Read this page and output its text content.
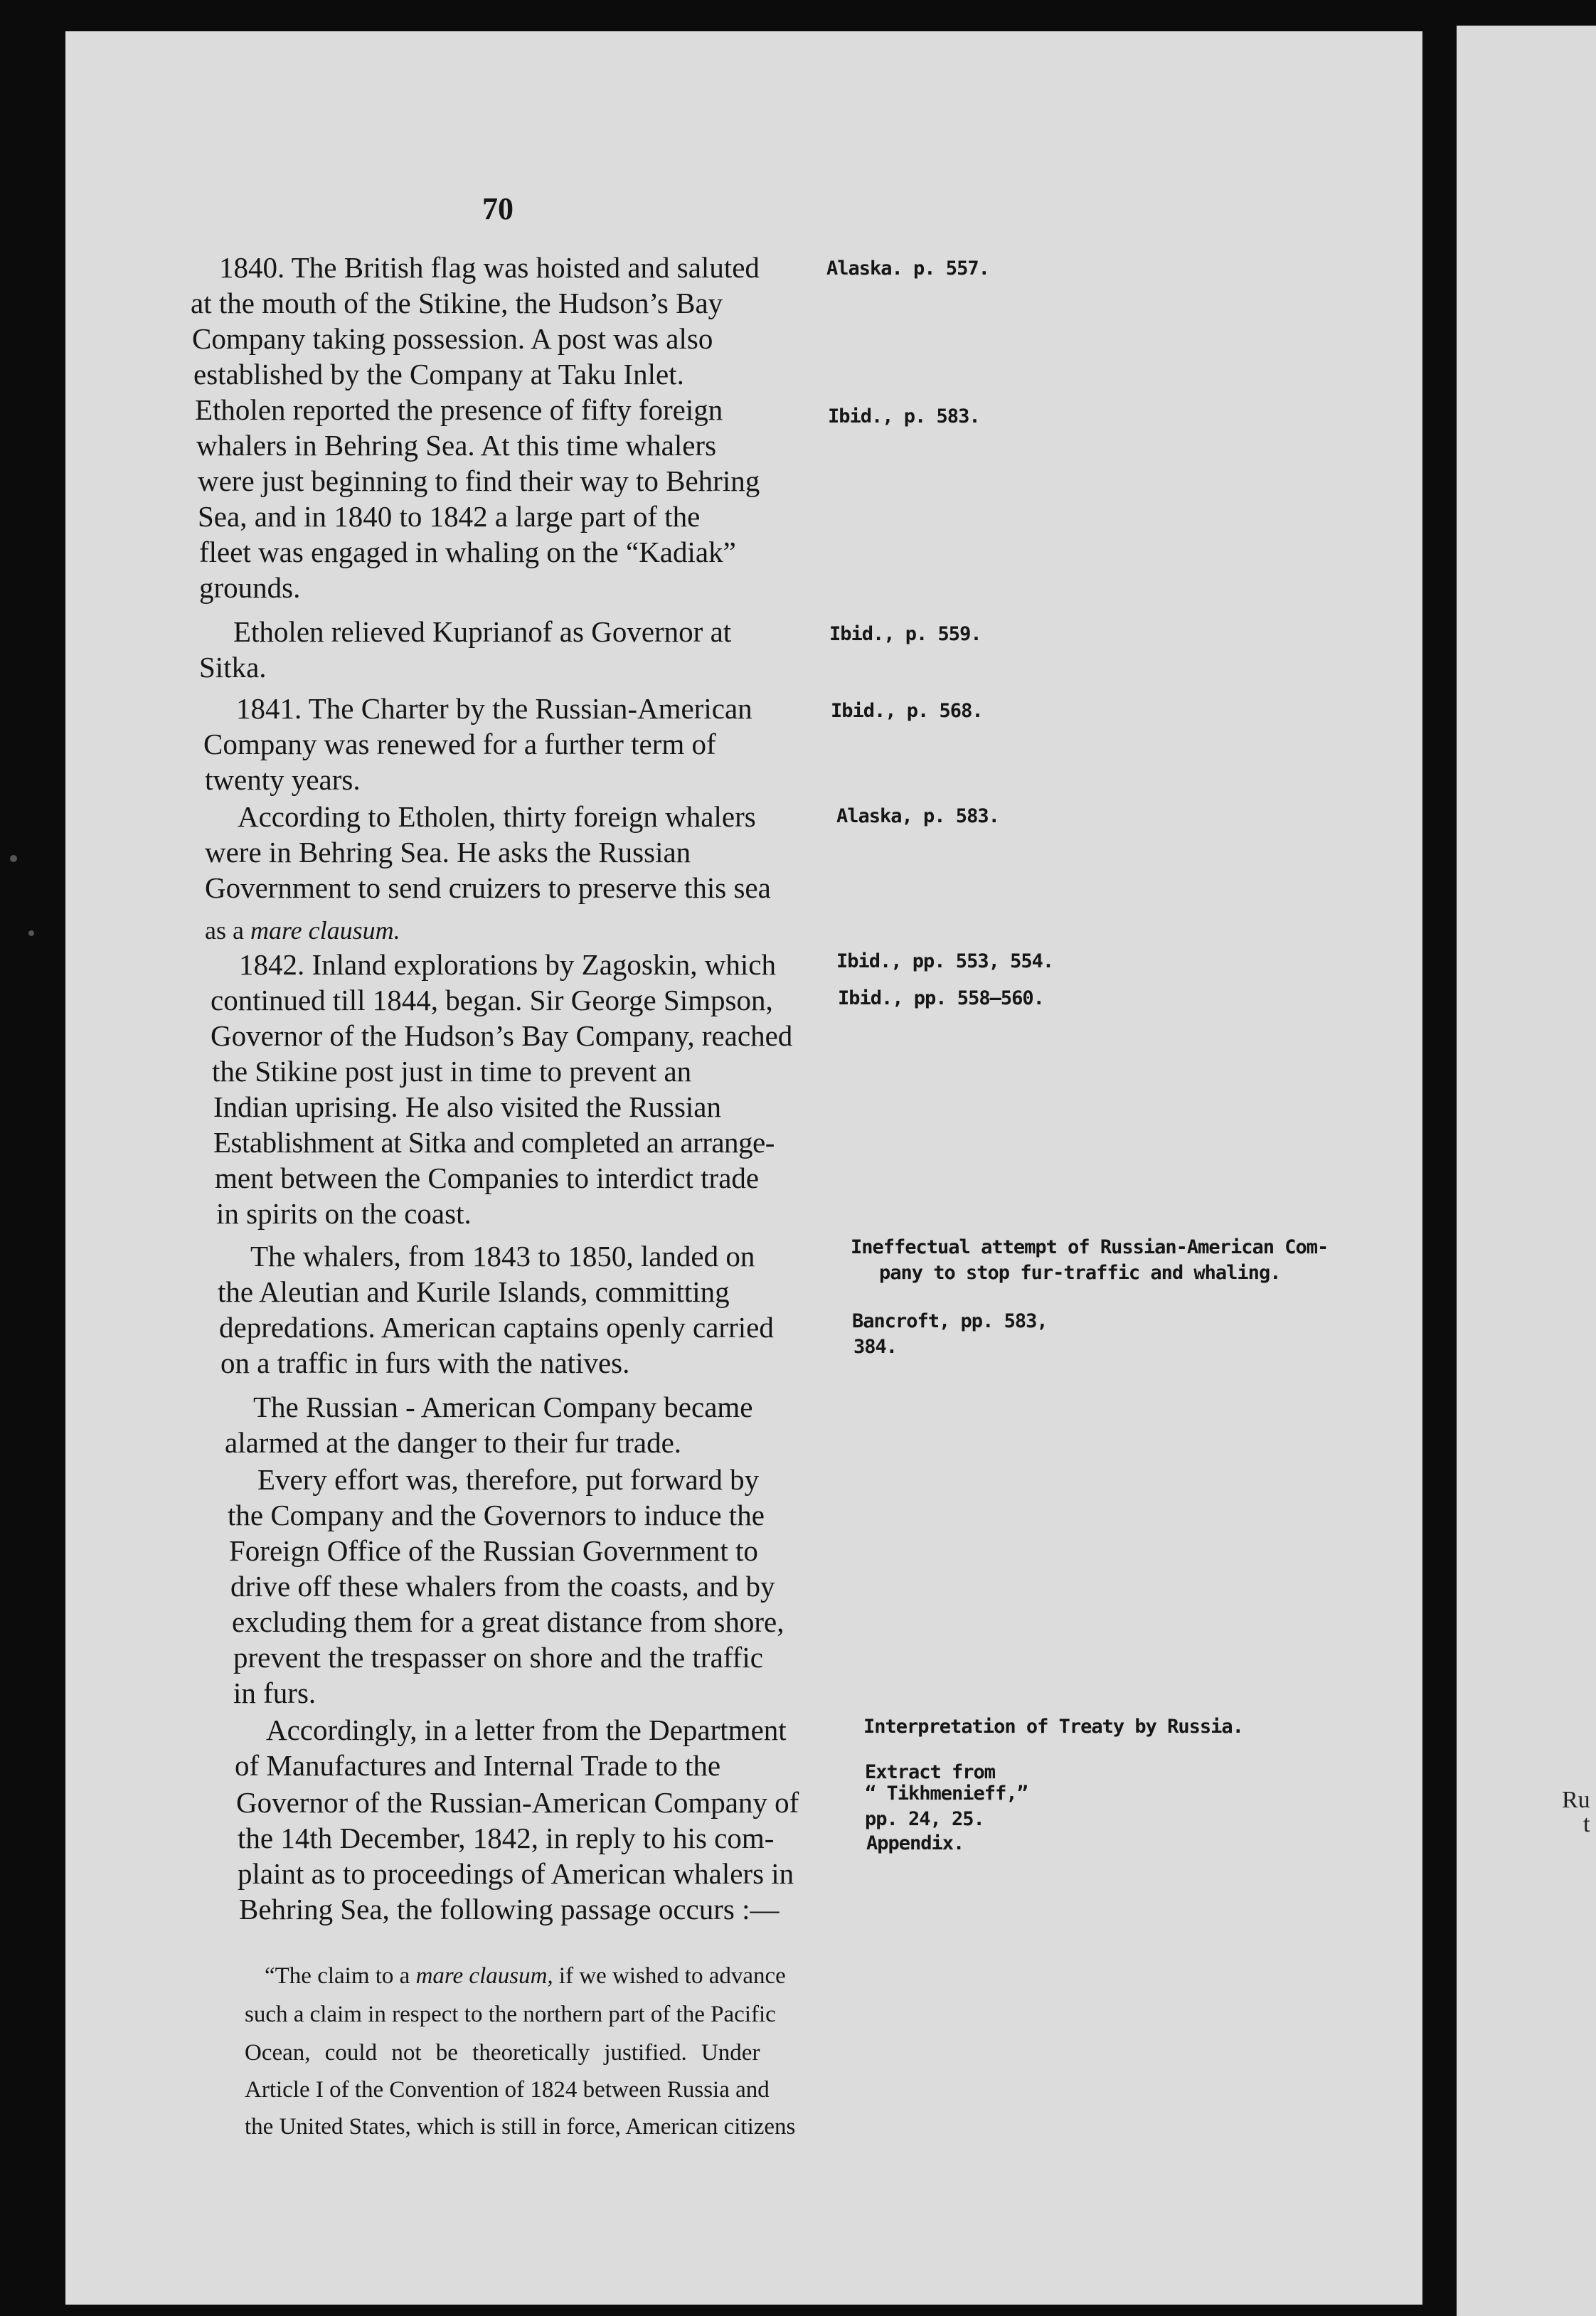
Ru
t
70
1840. The British flag was hoisted and saluted
at the mouth of the Stikine, the Hudson’s Bay
Company taking possession. A post was also
established by the Company at Taku Inlet.
Etholen reported the presence of fifty foreign
whalers in Behring Sea. At this time whalers
were just beginning to find their way to Behring
Sea, and in 1840 to 1842 a large part of the
fleet was engaged in whaling on the “Kadiak”
grounds.
Etholen relieved Kuprianof as Governor at
Sitka.
1841. The Charter by the Russian-American
Company was renewed for a further term of
twenty years.
According to Etholen, thirty foreign whalers
were in Behring Sea. He asks the Russian
Government to send cruizers to preserve this sea
as a mare clausum.
1842. Inland explorations by Zagoskin, which
continued till 1844, began. Sir George Simpson,
Governor of the Hudson’s Bay Company, reached
the Stikine post just in time to prevent an
Indian uprising. He also visited the Russian
Establishment at Sitka and completed an arrange-
ment between the Companies to interdict trade
in spirits on the coast.
The whalers, from 1843 to 1850, landed on
the Aleutian and Kurile Islands, committing
depredations. American captains openly carried
on a traffic in furs with the natives.
The Russian - American Company became
alarmed at the danger to their fur trade.
Every effort was, therefore, put forward by
the Company and the Governors to induce the
Foreign Office of the Russian Government to
drive off these whalers from the coasts, and by
excluding them for a great distance from shore,
prevent the trespasser on shore and the traffic
in furs.
Accordingly, in a letter from the Department
of Manufactures and Internal Trade to the
Governor of the Russian-American Company of
the 14th December, 1842, in reply to his com-
plaint as to proceedings of American whalers in
Behring Sea, the following passage occurs :—
Alaska. p. 557.
Ibid., p. 583.
Ibid., p. 559.
Ibid., p. 568.
Alaska, p. 583.
Ibid., pp. 553, 554.
Ibid., pp. 558–560.
Ineffectual attempt of Russian-American Com-
pany to stop fur-traffic and whaling.
Bancroft, pp. 583,
384.
Interpretation of Treaty by Russia.
Extract from
“ Tikhmenieff,”
pp. 24, 25.
Appendix.
“The claim to a mare clausum, if we wished to advance
such a claim in respect to the northern part of the Pacific
Ocean, could not be theoretically justified. Under
Article I of the Convention of 1824 between Russia and
the United States, which is still in force, American citizens
